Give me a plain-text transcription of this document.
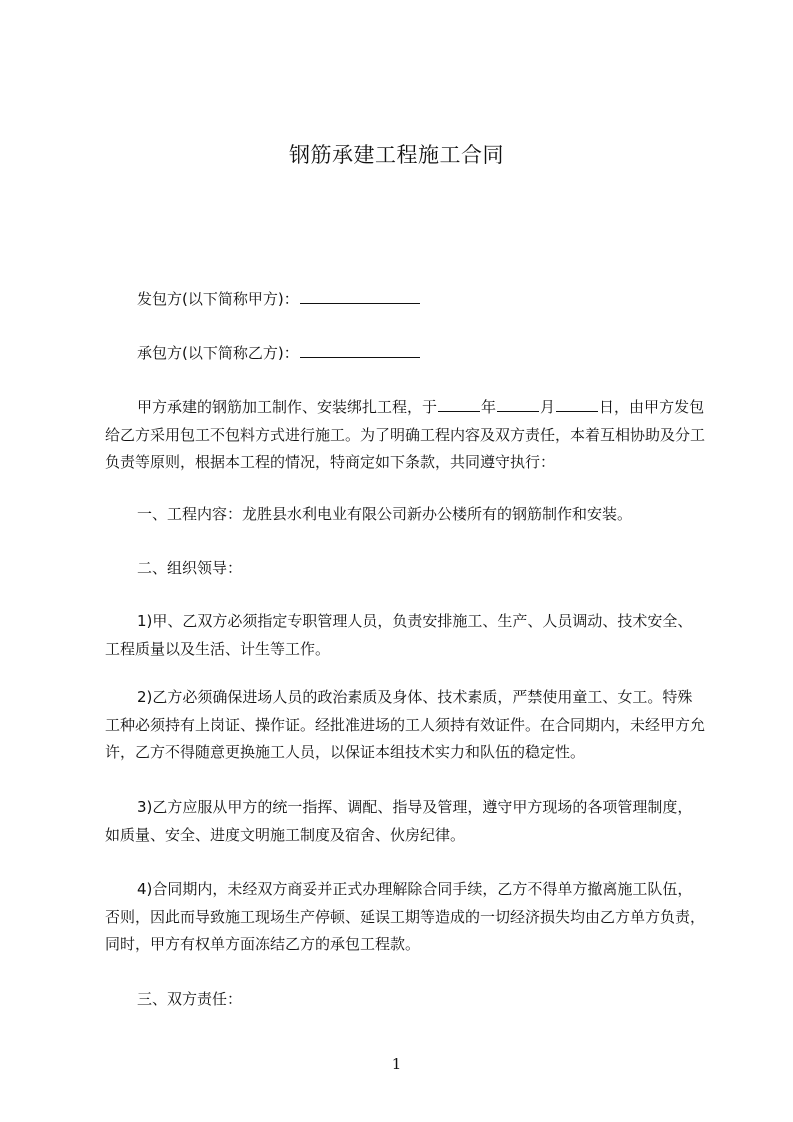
钢筋承建工程施工合同

发包方(以下简称甲方)：

承包方(以下简称乙方)：

甲方承建的钢筋加工制作、安装绑扎工程，于	年	月	日，由甲方发包给乙方采用包工不包料方式进行施工。为了明确工程内容及双方责任，本着互相协助及分工负责等原则，根据本工程的情况，特商定如下条款，共同遵守执行：

一、工程内容：龙胜县水利电业有限公司新办公楼所有的钢筋制作和安装。

二、组织领导：

1)甲、乙双方必须指定专职管理人员，负责安排施工、生产、人员调动、技术安全、工程质量以及生活、计生等工作。

2)乙方必须确保进场人员的政治素质及身体、技术素质，严禁使用童工、女工。特殊工种必须持有上岗证、操作证。经批准进场的工人须持有效证件。在合同期内，未经甲方允许，乙方不得随意更换施工人员，以保证本组技术实力和队伍的稳定性。

3)乙方应服从甲方的统一指挥、调配、指导及管理，遵守甲方现场的各项管理制度，如质量、安全、进度文明施工制度及宿舍、伙房纪律。

4)合同期内，未经双方商妥并正式办理解除合同手续，乙方不得单方撤离施工队伍，否则，因此而导致施工现场生产停顿、延误工期等造成的一切经济损失均由乙方单方负责，同时，甲方有权单方面冻结乙方的承包工程款。

三、双方责任：

1
